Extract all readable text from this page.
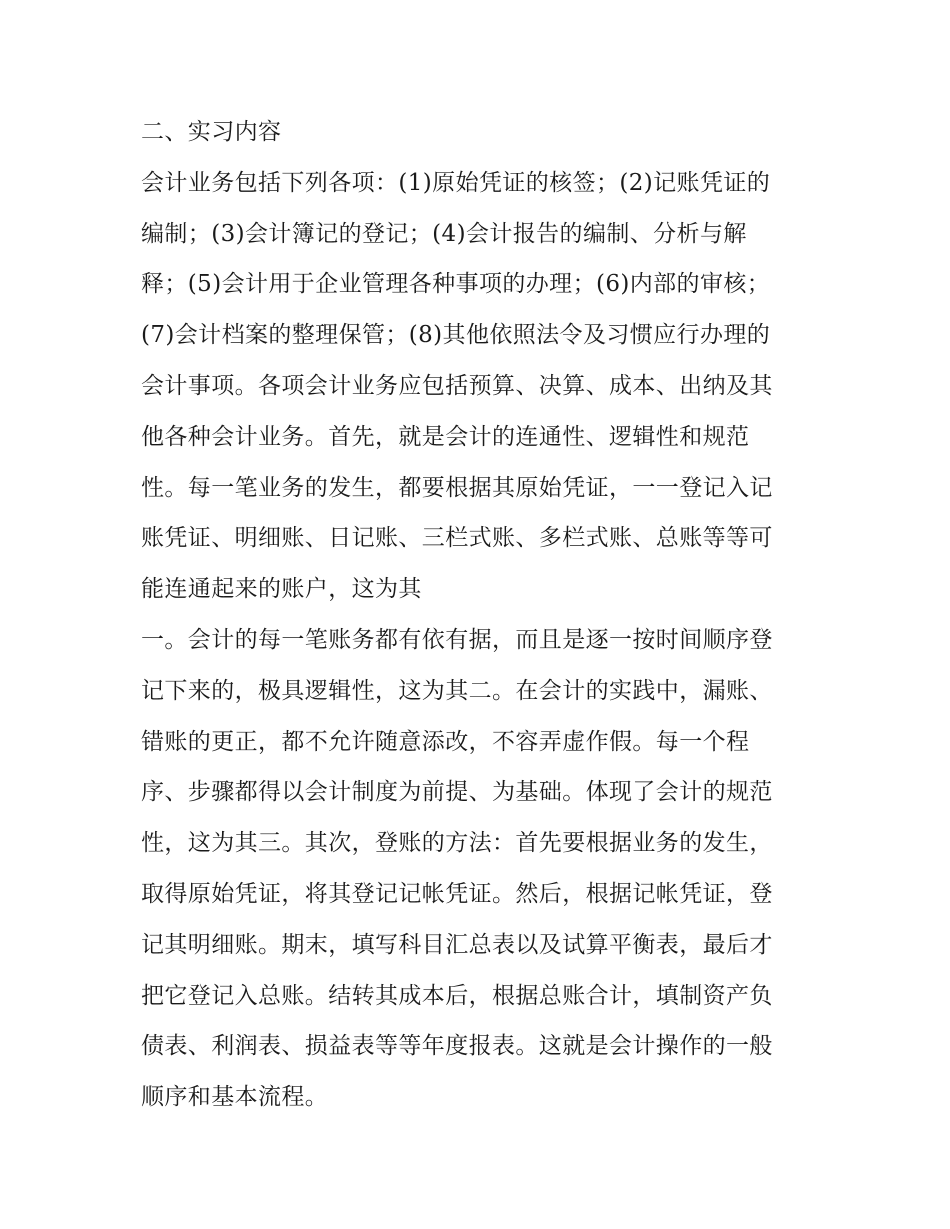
二、实习内容
会计业务包括下列各项：(1)原始凭证的核签；(2)记账凭证的
编制；(3)会计簿记的登记；(4)会计报告的编制、分析与解
释；(5)会计用于企业管理各种事项的办理；(6)内部的审核；
(7)会计档案的整理保管；(8)其他依照法令及习惯应行办理的
会计事项。各项会计业务应包括预算、决算、成本、出纳及其
他各种会计业务。首先，就是会计的连通性、逻辑性和规范
性。每一笔业务的发生，都要根据其原始凭证，一一登记入记
账凭证、明细账、日记账、三栏式账、多栏式账、总账等等可
能连通起来的账户，这为其
一。会计的每一笔账务都有依有据，而且是逐一按时间顺序登
记下来的，极具逻辑性，这为其二。在会计的实践中，漏账、
错账的更正，都不允许随意添改，不容弄虚作假。每一个程
序、步骤都得以会计制度为前提、为基础。体现了会计的规范
性，这为其三。其次，登账的方法：首先要根据业务的发生，
取得原始凭证，将其登记记帐凭证。然后，根据记帐凭证，登
记其明细账。期末，填写科目汇总表以及试算平衡表，最后才
把它登记入总账。结转其成本后，根据总账合计，填制资产负
债表、利润表、损益表等等年度报表。这就是会计操作的一般
顺序和基本流程。
